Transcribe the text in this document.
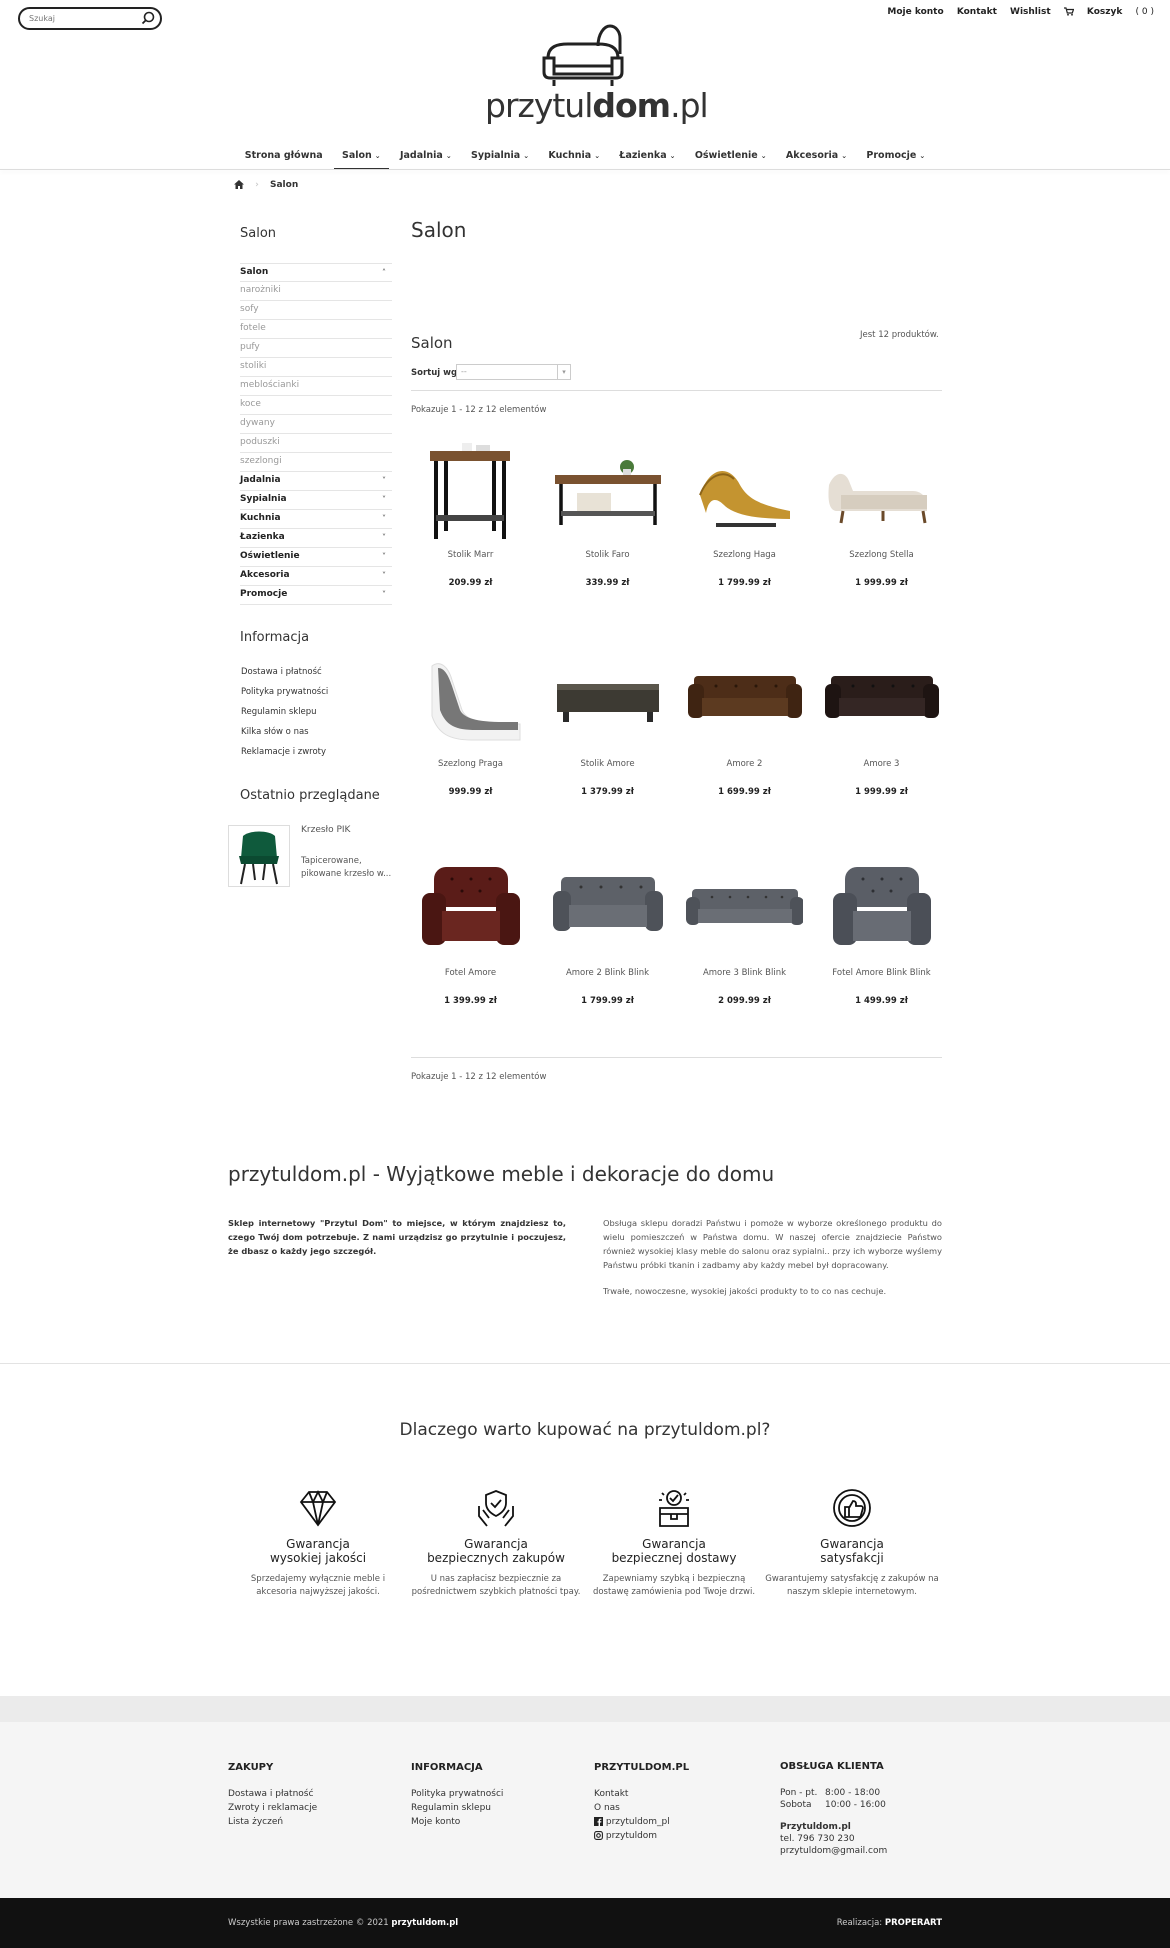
Szukaj
Moje konto Kontakt Wishlist	Koszyk ( 0 )
przytuldom.pl
Strona główna Salon ⌄ Jadalnia ⌄ Sypialnia ⌄ Kuchnia ⌄ Łazienka ⌄ Oświetlenie ⌄ Akcesoria ⌄ Promocje ⌄
› Salon
Salon
Salon	˄
narożniki
sofy
fotele
pufy
stoliki
meblościanki
koce
dywany
poduszki
szezlongi
Jadalnia	˅
Sypialnia	˅
Kuchnia	˅
Łazienka	˅
Oświetlenie	˅
Akcesoria	˅
Promocje	˅
Informacja
Dostawa i płatność
Polityka prywatności
Regulamin sklepu
Kilka słów o nas
Reklamacje i zwroty
Ostatnio przeglądane
Krzesło PIK
Tapicerowane,
pikowane krzesło w...
Salon
Salon	Jest 12 produktów.
Sortuj wg --	▾
Pokazuje 1 - 12 z 12 elementów
Stolik Marr
209.99 zł
Stolik Faro
339.99 zł
Szezlong Haga
1 799.99 zł
Szezlong Stella
1 999.99 zł
Szezlong Praga
999.99 zł
Stolik Amore
1 379.99 zł
Amore 2
1 699.99 zł
Amore 3
1 999.99 zł
Fotel Amore
1 399.99 zł
Amore 2 Blink Blink
1 799.99 zł
Amore 3 Blink Blink
2 099.99 zł
Fotel Amore Blink Blink
1 499.99 zł
Pokazuje 1 - 12 z 12 elementów
przytuldom.pl - Wyjątkowe meble i dekoracje do domu
Sklep internetowy "Przytul Dom" to miejsce, w którym znajdziesz to, czego Twój dom potrzebuje. Z nami urządzisz go przytulnie i poczujesz, że dbasz o każdy jego szczegół.
Obsługa sklepu doradzi Państwu i pomoże w wyborze określonego produktu do wielu pomieszczeń w Państwa domu. W naszej ofercie znajdziecie Państwo również wysokiej klasy meble do salonu oraz sypialni.. przy ich wyborze wyślemy Państwu próbki tkanin i zadbamy aby każdy mebel był dopracowany.
Trwałe, nowoczesne, wysokiej jakości produkty to to co nas cechuje.
Dlaczego warto kupować na przytuldom.pl?
Gwarancja
wysokiej jakości
Sprzedajemy wyłącznie meble i
akcesoria najwyższej jakości.
Gwarancja
bezpiecznych zakupów
U nas zapłacisz bezpiecznie za
pośrednictwem szybkich płatności tpay.
Gwarancja
bezpiecznej dostawy
Zapewniamy szybką i bezpieczną
dostawę zamówienia pod Twoje drzwi.
Gwarancja
satysfakcji
Gwarantujemy satysfakcję z zakupów na
naszym sklepie internetowym.
ZAKUPY
Dostawa i płatność
Zwroty i reklamacje
Lista życzeń
INFORMACJA
Polityka prywatności
Regulamin sklepu
Moje konto
PRZYTULDOM.PL
Kontakt
O nas
przytuldom_pl
przytuldom
OBSŁUGA KLIENTA
Pon - pt. 8:00 - 18:00
Sobota 10:00 - 16:00
Przytuldom.pl
tel. 796 730 230
przytuldom@gmail.com
Wszystkie prawa zastrzeżone © 2021 przytuldom.pl	Realizacja: PROPERART
